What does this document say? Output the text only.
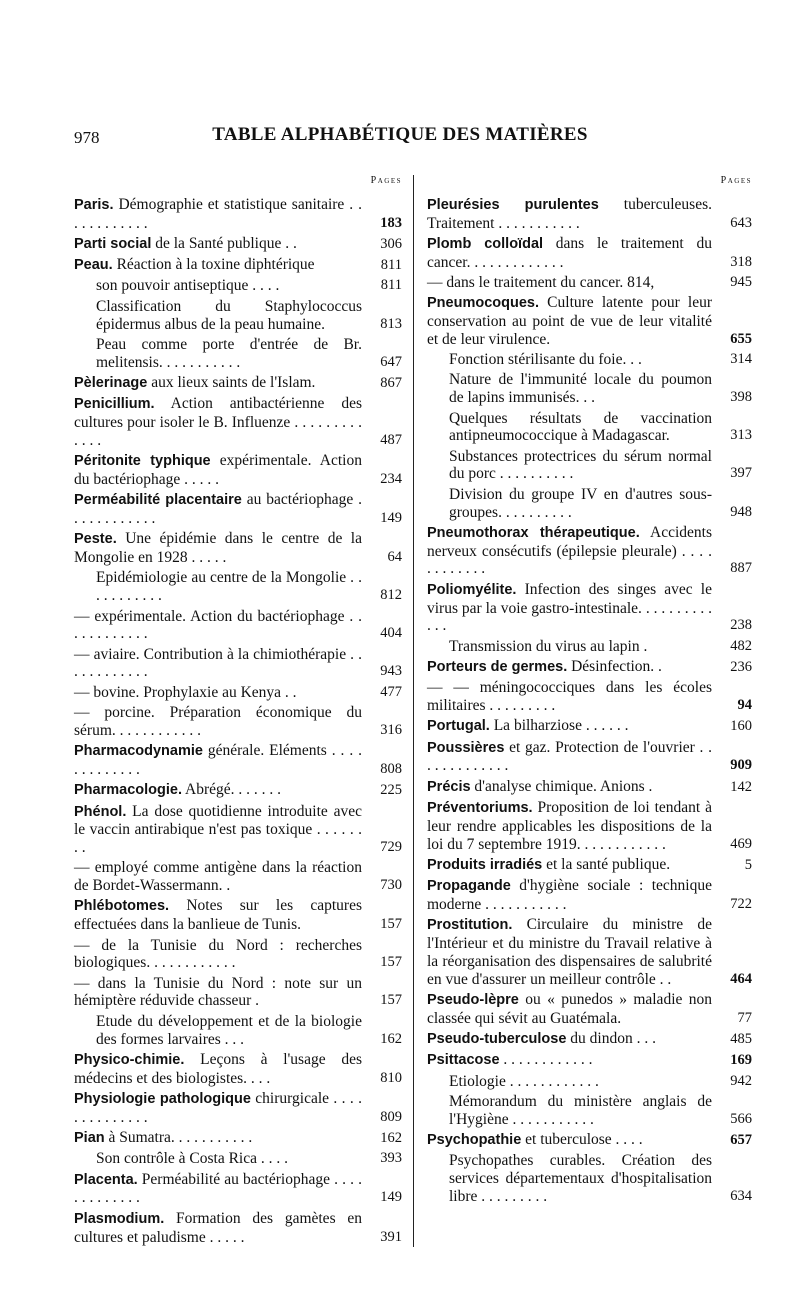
978	TABLE ALPHABÉTIQUE DES MATIÈRES
Pages
Paris. Démographie et statistique sanitaire . . . . . . . . . . . .	183
Parti social de la Santé publique . .	306
Peau. Réaction à la toxine diphtérique	811
son pouvoir antiseptique . . . .	811
Classification du Staphylococcus épidermus albus de la peau humaine.	813
Peau comme porte d'entrée de Br. melitensis. . . . . . . . . . .	647
Pèlerinage aux lieux saints de l'Islam.	867
Penicillium. Action antibactérienne des cultures pour isoler le B. Influenze . . . . . . . . . . . . .	487
Péritonite typhique expérimentale. Action du bactériophage . . . . .	234
Perméabilité placentaire au bactériophage . . . . . . . . . . . .	149
Peste. Une épidémie dans le centre de la Mongolie en 1928 . . . . .	64
Epidémiologie au centre de la Mongolie . . . . . . . . . . .	812
— expérimentale. Action du bactériophage . . . . . . . . . . . .	404
— aviaire. Contribution à la chimiothérapie . . . . . . . . . . . .	943
— bovine. Prophylaxie au Kenya . .	477
— porcine. Préparation économique du sérum. . . . . . . . . . . .	316
Pharmacodynamie générale. Eléments . . . . . . . . . . . . .	808
Pharmacologie. Abrégé. . . . . . .	225
Phénol. La dose quotidienne introduite avec le vaccin antirabique n'est pas toxique . . . . . . . .	729
— employé comme antigène dans la réaction de Bordet-Wassermann. .	730
Phlébotomes. Notes sur les captures effectuées dans la banlieue de Tunis.	157
— de la Tunisie du Nord : recherches biologiques. . . . . . . . . . . .	157
— dans la Tunisie du Nord : note sur un hémiptère réduvide chasseur .	157
Etude du développement et de la biologie des formes larvaires . . .	162
Physico-chimie. Leçons à l'usage des médecins et des biologistes. . . .	810
Physiologie pathologique chirurgicale . . . . . . . . . . . . . .	809
Pian à Sumatra. . . . . . . . . . .	162
Son contrôle à Costa Rica . . . .	393
Placenta. Perméabilité au bactériophage . . . . . . . . . . . . .	149
Plasmodium. Formation des gamètes en cultures et paludisme . . . . .	391
Pages
Pleurésies purulentes tuberculeuses. Traitement . . . . . . . . . . .	643
Plomb colloïdal dans le traitement du cancer. . . . . . . . . . . . .	318
— dans le traitement du cancer. 814,	945
Pneumocoques. Culture latente pour leur conservation au point de vue de leur vitalité et de leur virulence.	655
Fonction stérilisante du foie. . .	314
Nature de l'immunité locale du poumon de lapins immunisés. . .	398
Quelques résultats de vaccination antipneumococcique à Madagascar.	313
Substances protectrices du sérum normal du porc . . . . . . . . . .	397
Division du groupe IV en d'autres sous-groupes. . . . . . . . . .	948
Pneumothorax thérapeutique. Accidents nerveux consécutifs (épilepsie pleurale) . . . . . . . . . . . .	887
Poliomyélite. Infection des singes avec le virus par la voie gastro-intestinale. . . . . . . . . . . . .	238
Transmission du virus au lapin .	482
Porteurs de germes. Désinfection. .	236
— — méningococciques dans les écoles militaires . . . . . . . . .	94
Portugal. La bilharziose . . . . . .	160
Poussières et gaz. Protection de l'ouvrier . . . . . . . . . . . . .	909
Précis d'analyse chimique. Anions .	142
Préventoriums. Proposition de loi tendant à leur rendre applicables les dispositions de la loi du 7 septembre 1919. . . . . . . . . . . .	469
Produits irradiés et la santé publique.	5
Propagande d'hygiène sociale : technique moderne . . . . . . . . . . .	722
Prostitution. Circulaire du ministre de l'Intérieur et du ministre du Travail relative à la réorganisation des dispensaires de salubrité en vue d'assurer un meilleur contrôle . .	464
Pseudo-lèpre ou « punedos » maladie non classée qui sévit au Guatémala.	77
Pseudo-tuberculose du dindon . . .	485
Psittacose . . . . . . . . . . . .	169
Etiologie . . . . . . . . . . . .	942
Mémorandum du ministère anglais de l'Hygiène . . . . . . . . . . .	566
Psychopathie et tuberculose . . . .	657
Psychopathes curables. Création des services départementaux d'hospitalisation libre . . . . . . . . .	634
